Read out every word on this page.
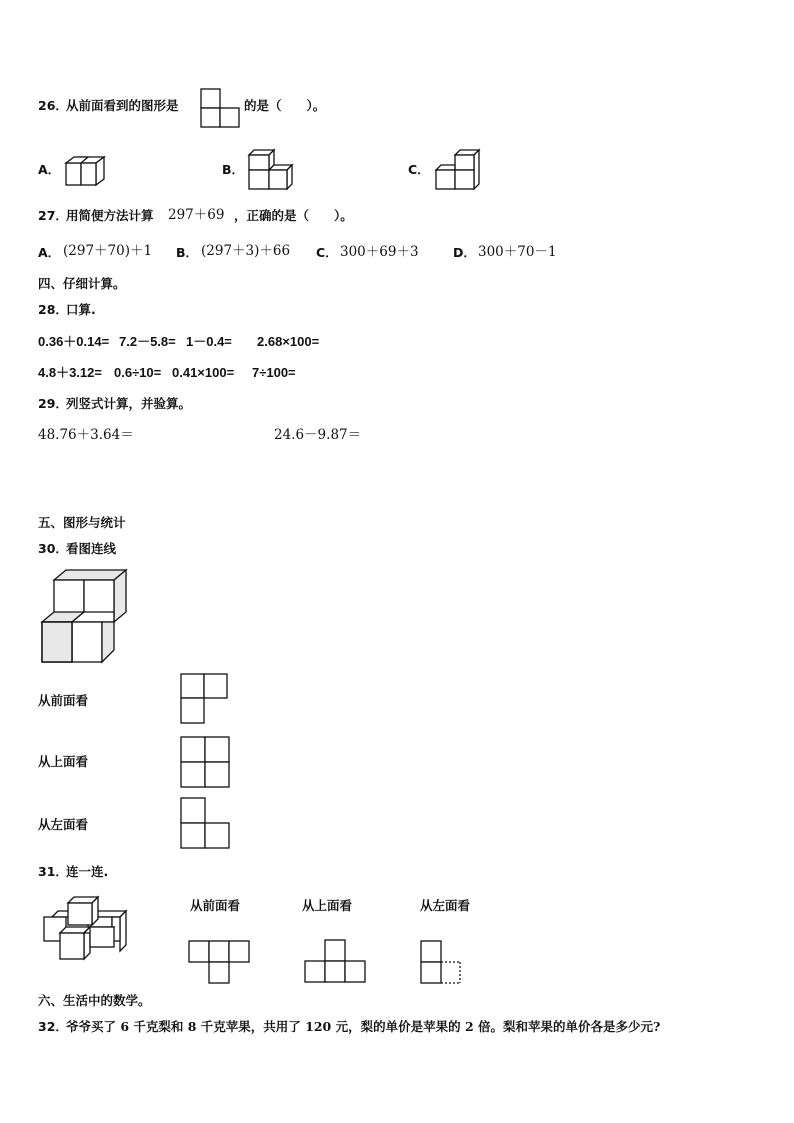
26．
从前面看到的图形是	的是（　　）。
A．	B．	C．
27．
用简便方法计算 297＋69 ，正确的是（　　）。
A． (297＋70)＋1 B． (297＋3)＋66 C． 300＋69＋3	D． 300＋70－1
四、仔细计算。
28．
口算.
0.36＋0.14= 7.2－5.8= 1－0.4= 2.68×100=
4.8＋3.12= 0.6÷10= 0.41×100= 7÷100=
29．
列竖式计算，并验算。
48.76＋3.64＝	24.6－9.87＝
五、图形与统计
30．
看图连线
从前面看
从上面看
从左面看
31．
连一连.
从前面看	从上面看	从左面看
六、生活中的数学。
32．
爷爷买了 6 千克梨和 8 千克苹果，共用了 120 元，梨的单价是苹果的 2 倍。梨和苹果的单价各是多少元?
